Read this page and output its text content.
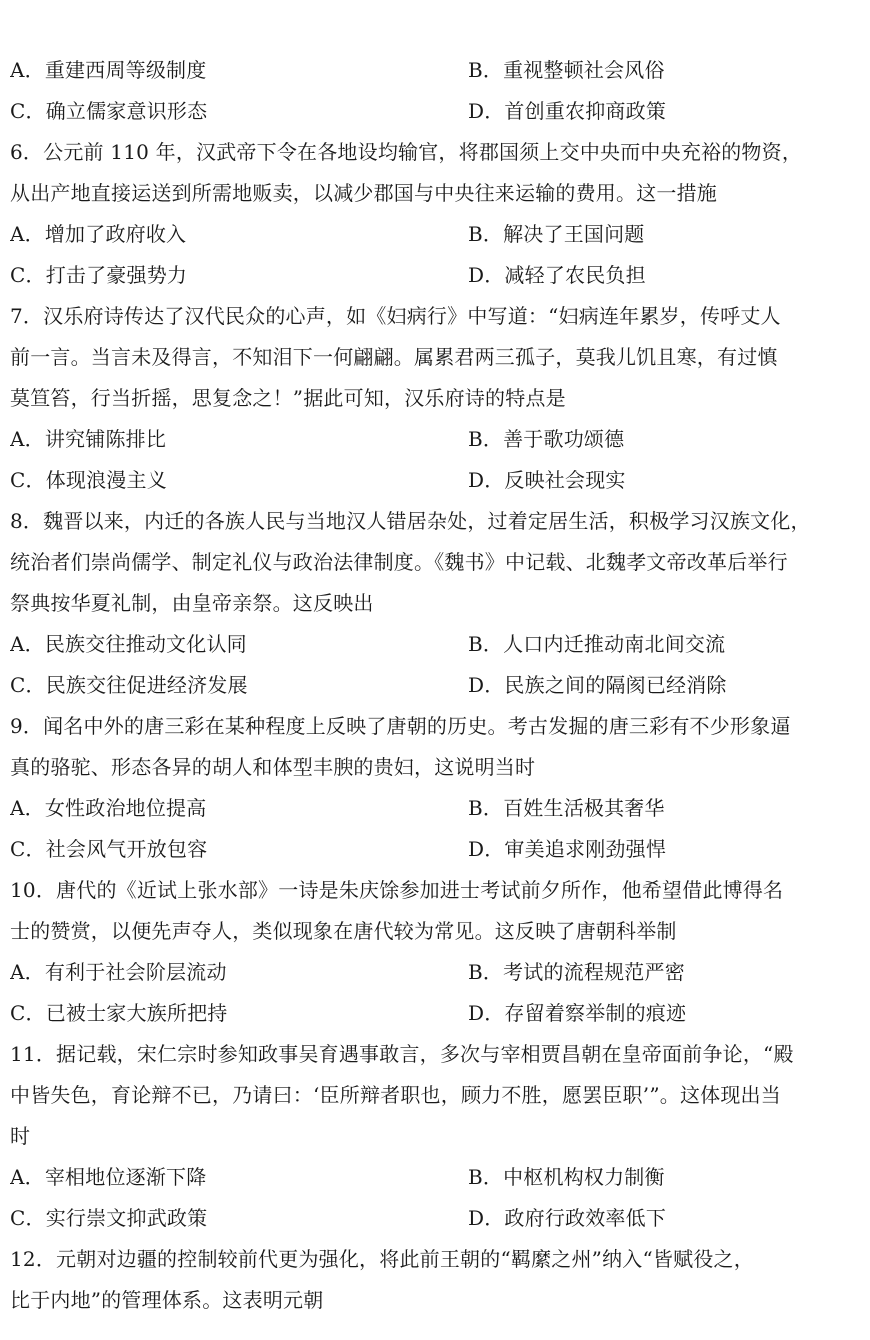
A．重建西周等级制度	B．重视整顿社会风俗
C．确立儒家意识形态	D．首创重农抑商政策
6．公元前 110 年，汉武帝下令在各地设均输官，将郡国须上交中央而中央充裕的物资，
从出产地直接运送到所需地贩卖，以减少郡国与中央往来运输的费用。这一措施
A．增加了政府收入	B．解决了王国问题
C．打击了豪强势力	D．减轻了农民负担
7．汉乐府诗传达了汉代民众的心声，如《妇病行》中写道：“妇病连年累岁，传呼丈人
前一言。当言未及得言，不知泪下一何翩翩。属累君两三孤子，莫我儿饥且寒，有过慎
莫笪笞，行当折摇，思复念之！”据此可知，汉乐府诗的特点是
A．讲究铺陈排比	B．善于歌功颂德
C．体现浪漫主义	D．反映社会现实
8．魏晋以来，内迁的各族人民与当地汉人错居杂处，过着定居生活，积极学习汉族文化，
统治者们崇尚儒学、制定礼仪与政治法律制度。《魏书》中记载、北魏孝文帝改革后举行
祭典按华夏礼制，由皇帝亲祭。这反映出
A．民族交往推动文化认同	B．人口内迁推动南北间交流
C．民族交往促进经济发展	D．民族之间的隔阂已经消除
9．闻名中外的唐三彩在某种程度上反映了唐朝的历史。考古发掘的唐三彩有不少形象逼
真的骆驼、形态各异的胡人和体型丰腴的贵妇，这说明当时
A．女性政治地位提高	B．百姓生活极其奢华
C．社会风气开放包容	D．审美追求刚劲强悍
10．唐代的《近试上张水部》一诗是朱庆馀参加进士考试前夕所作，他希望借此博得名
士的赞赏，以便先声夺人，类似现象在唐代较为常见。这反映了唐朝科举制
A．有利于社会阶层流动	B．考试的流程规范严密
C．已被士家大族所把持	D．存留着察举制的痕迹
11．据记载，宋仁宗时参知政事吴育遇事敢言，多次与宰相贾昌朝在皇帝面前争论，“殿
中皆失色，育论辩不已，乃请曰：‘臣所辩者职也，顾力不胜，愿罢臣职’”。这体现出当
时
A．宰相地位逐渐下降	B．中枢机构权力制衡
C．实行崇文抑武政策	D．政府行政效率低下
12．元朝对边疆的控制较前代更为强化，将此前王朝的“羁縻之州”纳入“皆赋役之，
比于内地”的管理体系。这表明元朝
